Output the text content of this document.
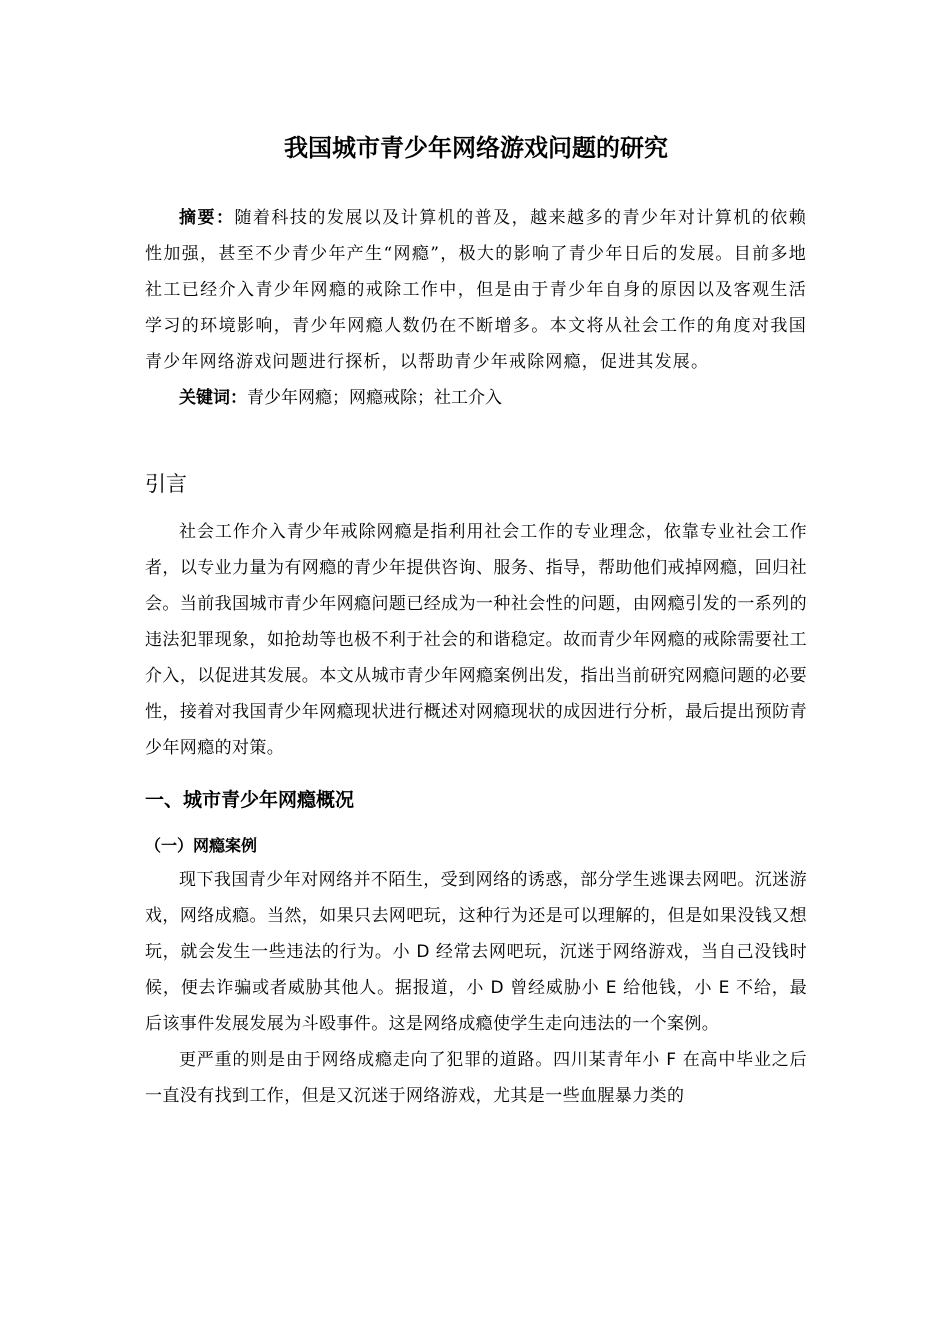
我国城市青少年网络游戏问题的研究

摘要：随着科技的发展以及计算机的普及，越来越多的青少年对计算机的依赖性加强，甚至不少青少年产生“网瘾”，极大的影响了青少年日后的发展。目前多地社工已经介入青少年网瘾的戒除工作中，但是由于青少年自身的原因以及客观生活学习的环境影响，青少年网瘾人数仍在不断增多。本文将从社会工作的角度对我国青少年网络游戏问题进行探析，以帮助青少年戒除网瘾，促进其发展。

关键词：青少年网瘾；网瘾戒除；社工介入

引言

社会工作介入青少年戒除网瘾是指利用社会工作的专业理念，依靠专业社会工作者，以专业力量为有网瘾的青少年提供咨询、服务、指导，帮助他们戒掉网瘾，回归社会。当前我国城市青少年网瘾问题已经成为一种社会性的问题，由网瘾引发的一系列的违法犯罪现象，如抢劫等也极不利于社会的和谐稳定。故而青少年网瘾的戒除需要社工介入，以促进其发展。本文从城市青少年网瘾案例出发，指出当前研究网瘾问题的必要性，接着对我国青少年网瘾现状进行概述对网瘾现状的成因进行分析，最后提出预防青少年网瘾的对策。

一、城市青少年网瘾概况
（一）网瘾案例

现下我国青少年对网络并不陌生，受到网络的诱惑，部分学生逃课去网吧。沉迷游戏，网络成瘾。当然，如果只去网吧玩，这种行为还是可以理解的，但是如果没钱又想玩，就会发生一些违法的行为。小 D 经常去网吧玩，沉迷于网络游戏，当自己没钱时候，便去诈骗或者威胁其他人。据报道，小 D 曾经威胁小 E 给他钱，小 E 不给，最后该事件发展发展为斗殴事件。这是网络成瘾使学生走向违法的一个案例。

更严重的则是由于网络成瘾走向了犯罪的道路。四川某青年小 F 在高中毕业之后一直没有找到工作，但是又沉迷于网络游戏，尤其是一些血腥暴力类的
